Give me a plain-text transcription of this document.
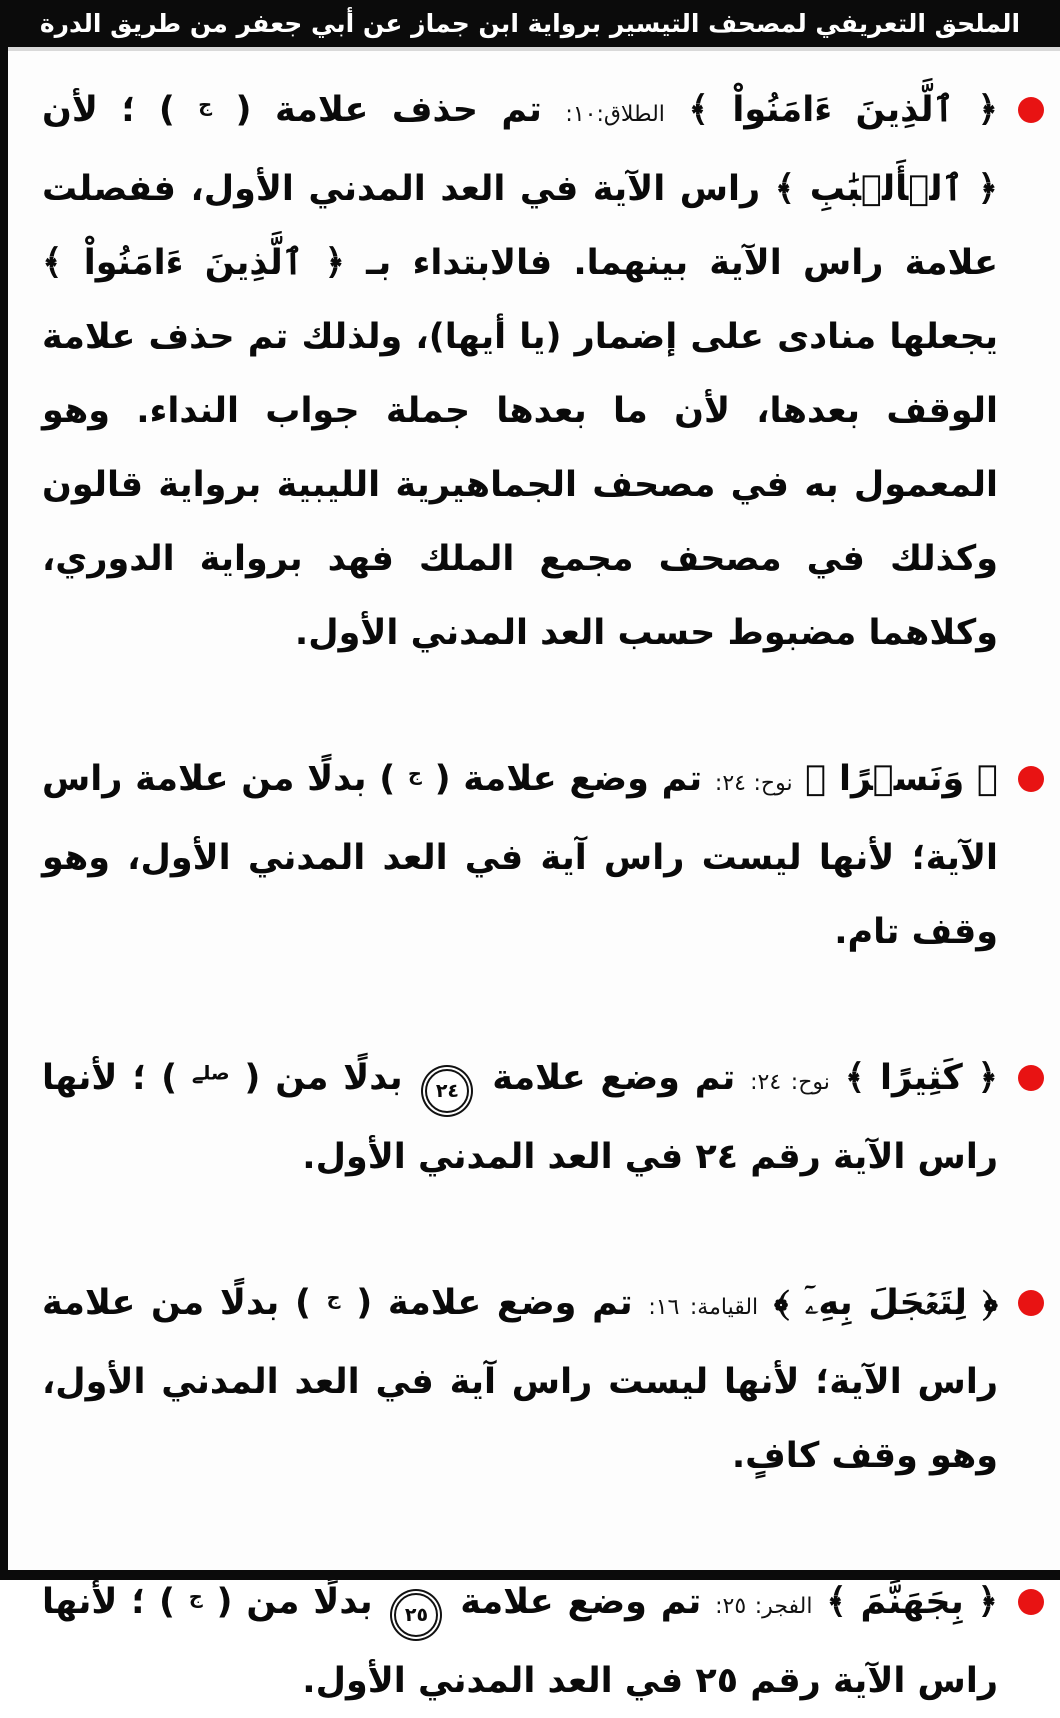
الملحق التعريفي لمصحف التيسير برواية ابن جماز عن أبي جعفر من طريق الدرة

﴿ ٱلَّذِينَ ءَامَنُواْ ﴾ الطلاق:١٠: تم حذف علامة ( ج ) ؛ لأن ﴿ ٱلۡأَلۡبَٰبِ ﴾ راس الآية في العد المدني الأول، ففصلت علامة راس الآية بينهما. فالابتداء بـ ﴿ ٱلَّذِينَ ءَامَنُواْ ﴾ يجعلها منادى على إضمار (يا أيها)، ولذلك تم حذف علامة الوقف بعدها، لأن ما بعدها جملة جواب النداء. وهو المعمول به في مصحف الجماهيرية الليبية برواية قالون وكذلك في مصحف مجمع الملك فهد برواية الدوري، وكلاهما مضبوط حسب العد المدني الأول.

﴿ وَنَسۡرًا ﴾ نوح: ٢٤: تم وضع علامة ( ج ) بدلًا من علامة راس الآية؛ لأنها ليست راس آية في العد المدني الأول، وهو وقف تام.

﴿ كَثِيرًا ﴾ نوح: ٢٤: تم وضع علامة ٢٤ بدلًا من ( صلے ) ؛ لأنها راس الآية رقم ٢٤ في العد المدني الأول.

﴿ لِتَعۡجَلَ بِهِۦٓ ﴾ القيامة: ١٦: تم وضع علامة ( ج ) بدلًا من علامة راس الآية؛ لأنها ليست راس آية في العد المدني الأول، وهو وقف كافٍ.

﴿ بِجَهَنَّمَ ﴾ الفجر: ٢٥: تم وضع علامة ٢٥ بدلًا من ( ج ) ؛ لأنها راس الآية رقم ٢٥ في العد المدني الأول.
